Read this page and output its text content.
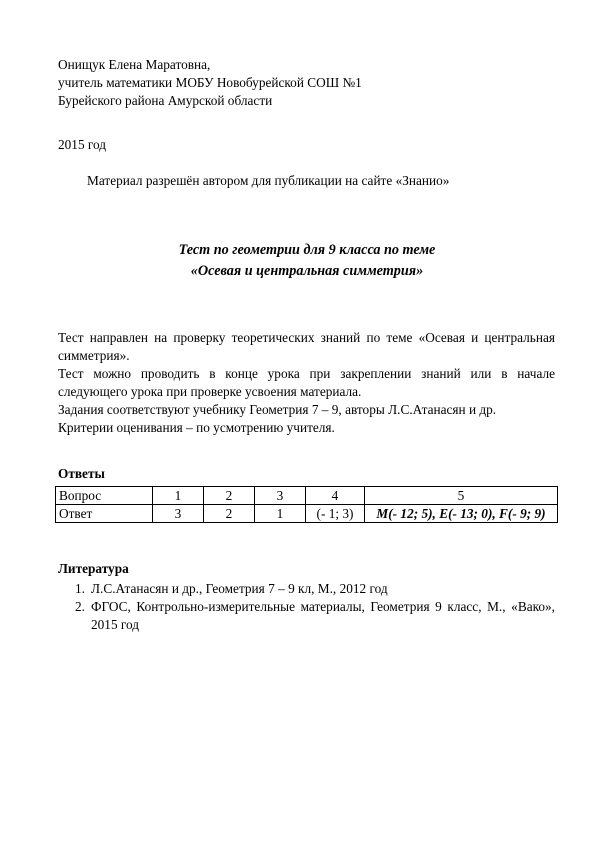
Онищук Елена Маратовна,
учитель математики МОБУ Новобурейской СОШ №1
Бурейского района Амурской области
2015 год
Материал разрешён автором для публикации на сайте «Знанио»
Тест по геометрии для 9 класса по теме
«Осевая и центральная симметрия»

Тест направлен на проверку теоретических знаний по теме «Осевая и центральная симметрия».

Тест можно проводить в конце урока при закреплении знаний или в начале следующего урока при проверке усвоения материала.

Задания соответствуют учебнику Геометрия 7 – 9, авторы Л.С.Атанасян и др.

Критерии оценивания – по усмотрению учителя.

Ответы
Вопрос	1	2	3	4	5
Ответ	3	2	1	(- 1; 3)	M(- 12; 5), E(- 13; 0), F(- 9; 9)
Литература
1. Л.С.Атанасян и др., Геометрия 7 – 9 кл, М., 2012 год
2. ФГОС, Контрольно-измерительные материалы, Геометрия 9 класс, М., «Вако», 2015 год
